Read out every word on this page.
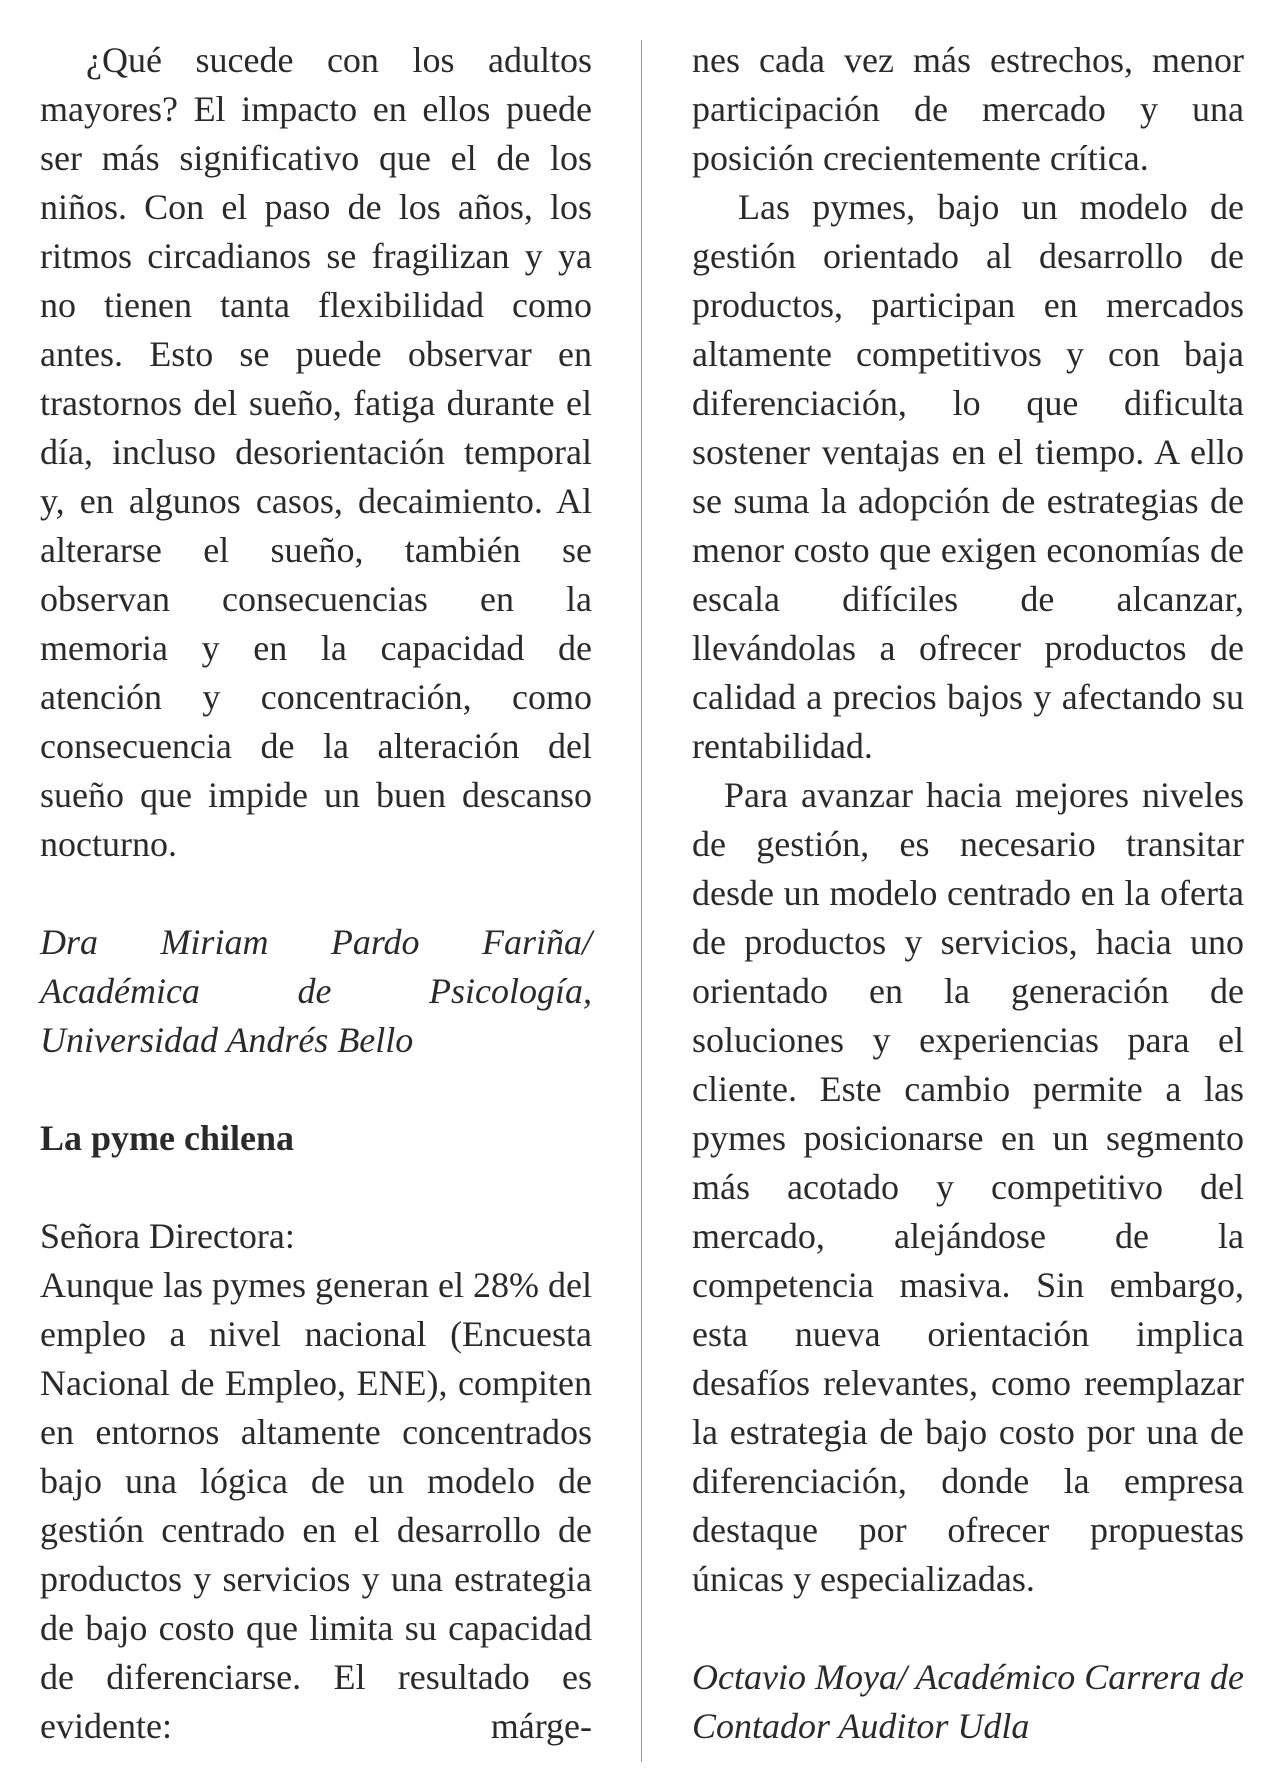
¿Qué sucede con los adultos mayores? El impacto en ellos puede ser más significativo que el de los niños. Con el paso de los años, los ritmos circadianos se fragilizan y ya no tienen tanta flexibilidad como antes. Esto se puede observar en trastornos del sueño, fatiga durante el día, incluso desorientación temporal y, en algunos casos, decaimiento. Al alterarse el sueño, también se observan consecuencias en la memoria y en la capacidad de atención y concentración, como consecuencia de la alteración del sueño que impide un buen descanso nocturno.

Dra Miriam Pardo Fariña/ Académica de Psicología, Universidad Andrés Bello

La pyme chilena

Señora Directora:

Aunque las pymes generan el 28% del empleo a nivel nacional (Encuesta Nacional de Empleo, ENE), compiten en entornos altamente concentrados bajo una lógica de un modelo de gestión centrado en el desarrollo de productos y servicios y una estrategia de bajo costo que limita su capacidad de diferenciarse. El resultado es evidente: márge-

nes cada vez más estrechos, menor participación de mercado y una posición crecientemente crítica.

Las pymes, bajo un modelo de gestión orientado al desarrollo de productos, participan en mercados altamente competitivos y con baja diferenciación, lo que dificulta sostener ventajas en el tiempo. A ello se suma la adopción de estrategias de menor costo que exigen economías de escala difíciles de alcanzar, llevándolas a ofrecer productos de calidad a precios bajos y afectando su rentabilidad.

Para avanzar hacia mejores niveles de gestión, es necesario transitar desde un modelo centrado en la oferta de productos y servicios, hacia uno orientado en la generación de soluciones y experiencias para el cliente. Este cambio permite a las pymes posicionarse en un segmento más acotado y competitivo del mercado, alejándose de la competencia masiva. Sin embargo, esta nueva orientación implica desafíos relevantes, como reemplazar la estrategia de bajo costo por una de diferenciación, donde la empresa destaque por ofrecer propuestas únicas y especializadas.

Octavio Moya/ Académico Carrera de Contador Auditor Udla
